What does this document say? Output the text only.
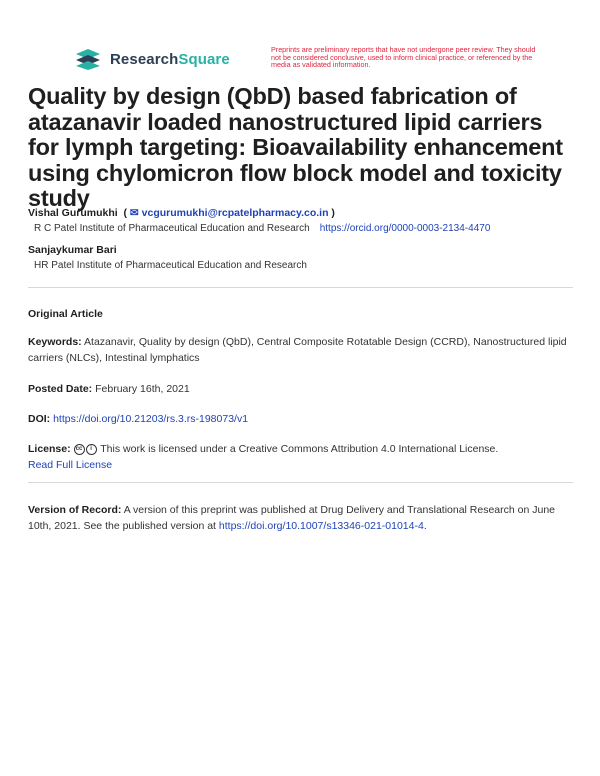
ResearchSquare
Preprints are preliminary reports that have not undergone peer review. They should not be considered conclusive, used to inform clinical practice, or referenced by the media as validated information.
Quality by design (QbD) based fabrication of atazanavir loaded nanostructured lipid carriers for lymph targeting: Bioavailability enhancement using chylomicron flow block model and toxicity study
Vishal Gurumukhi  ( ✉ vcgurumukhi@rcpatelpharmacy.co.in )
R C Patel Institute of Pharmaceutical Education and Research https://orcid.org/0000-0003-2134-4470
Sanjaykumar Bari
HR Patel Institute of Pharmaceutical Education and Research
Original Article
Keywords: Atazanavir, Quality by design (QbD), Central Composite Rotatable Design (CCRD), Nanostructured lipid carriers (NLCs), Intestinal lymphatics
Posted Date: February 16th, 2021
DOI: https://doi.org/10.21203/rs.3.rs-198073/v1
License: cc i This work is licensed under a Creative Commons Attribution 4.0 International License.
Read Full License
Version of Record: A version of this preprint was published at Drug Delivery and Translational Research on June 10th, 2021. See the published version at https://doi.org/10.1007/s13346-021-01014-4.
